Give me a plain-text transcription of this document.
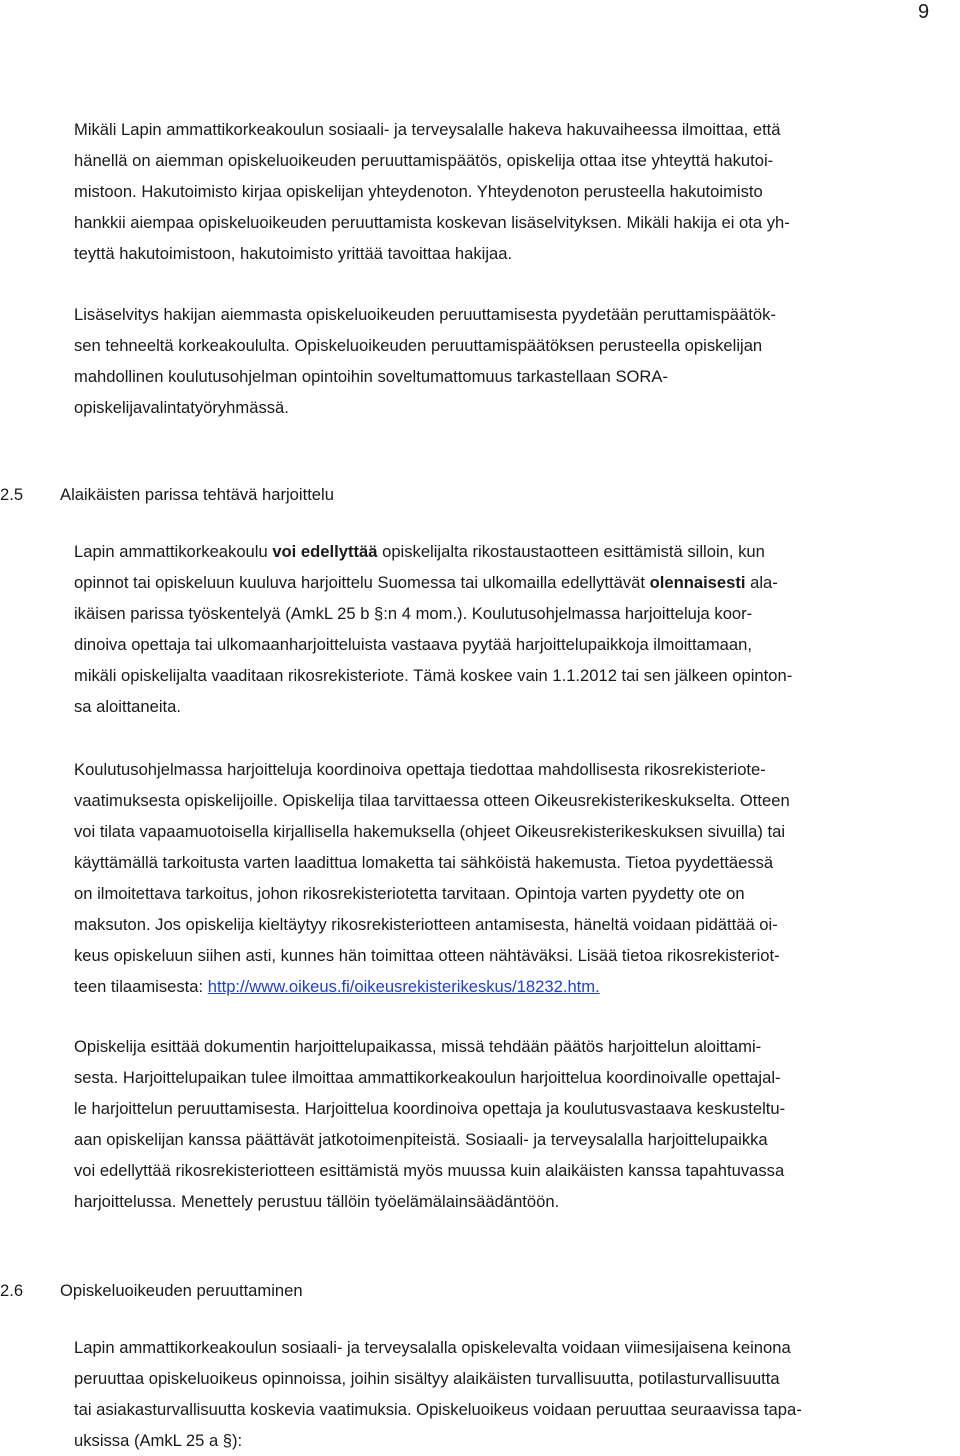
9
Mikäli Lapin ammattikorkeakoulun sosiaali- ja terveysalalle hakeva hakuvaiheessa ilmoittaa, että
hänellä on aiemman opiskeluoikeuden peruuttamispäätös, opiskelija ottaa itse yhteyttä hakutoi-
mistoon. Hakutoimisto kirjaa opiskelijan yhteydenoton. Yhteydenoton perusteella hakutoimisto
hankkii aiempaa opiskeluoikeuden peruuttamista koskevan lisäselvityksen. Mikäli hakija ei ota yh-
teyttä hakutoimistoon, hakutoimisto yrittää tavoittaa hakijaa.
Lisäselvitys hakijan aiemmasta opiskeluoikeuden peruuttamisesta pyydetään peruttamispäätök-
sen tehneeltä korkeakoululta. Opiskeluoikeuden peruuttamispäätöksen perusteella opiskelijan
mahdollinen koulutusohjelman opintoihin soveltumattomuus tarkastellaan SORA-
opiskelijavalintatyöryhmässä.
2.5 Alaikäisten parissa tehtävä harjoittelu
Lapin ammattikorkeakoulu voi edellyttää opiskelijalta rikostaustaotteen esittämistä silloin, kun
opinnot tai opiskeluun kuuluva harjoittelu Suomessa tai ulkomailla edellyttävät olennaisesti ala-
ikäisen parissa työskentelyä (AmkL 25 b §:n 4 mom.). Koulutusohjelmassa harjoitteluja koor-
dinoiva opettaja tai ulkomaanharjoitteluista vastaava pyytää harjoittelupaikkoja ilmoittamaan,
mikäli opiskelijalta vaaditaan rikosrekisteriote. Tämä koskee vain 1.1.2012 tai sen jälkeen opinton-
sa aloittaneita.
Koulutusohjelmassa harjoitteluja koordinoiva opettaja tiedottaa mahdollisesta rikosrekisteriote-
vaatimuksesta opiskelijoille. Opiskelija tilaa tarvittaessa otteen Oikeusrekisterikeskukselta. Otteen
voi tilata vapaamuotoisella kirjallisella hakemuksella (ohjeet Oikeusrekisterikeskuksen sivuilla) tai
käyttämällä tarkoitusta varten laadittua lomaketta tai sähköistä hakemusta. Tietoa pyydettäessä
on ilmoitettava tarkoitus, johon rikosrekisteriotetta tarvitaan. Opintoja varten pyydetty ote on
maksuton. Jos opiskelija kieltäytyy rikosrekisteriotteen antamisesta, häneltä voidaan pidättää oi-
keus opiskeluun siihen asti, kunnes hän toimittaa otteen nähtäväksi. Lisää tietoa rikosrekisteriot-
teen tilaamisesta: http://www.oikeus.fi/oikeusrekisterikeskus/18232.htm.
Opiskelija esittää dokumentin harjoittelupaikassa, missä tehdään päätös harjoittelun aloittami-
sesta. Harjoittelupaikan tulee ilmoittaa ammattikorkeakoulun harjoittelua koordinoivalle opettajal-
le harjoittelun peruuttamisesta. Harjoittelua koordinoiva opettaja ja koulutusvastaava keskusteltu-
aan opiskelijan kanssa päättävät jatkotoimenpiteistä. Sosiaali- ja terveysalalla harjoittelupaikka
voi edellyttää rikosrekisteriotteen esittämistä myös muussa kuin alaikäisten kanssa tapahtuvassa
harjoittelussa. Menettely perustuu tällöin työelämälainsäädäntöön.
2.6 Opiskeluoikeuden peruuttaminen
Lapin ammattikorkeakoulun sosiaali- ja terveysalalla opiskelevalta voidaan viimesijaisena keinona
peruuttaa opiskeluoikeus opinnoissa, joihin sisältyy alaikäisten turvallisuutta, potilasturvallisuutta
tai asiakasturvallisuutta koskevia vaatimuksia. Opiskeluoikeus voidaan peruuttaa seuraavissa tapa-
uksissa (AmkL 25 a §):
